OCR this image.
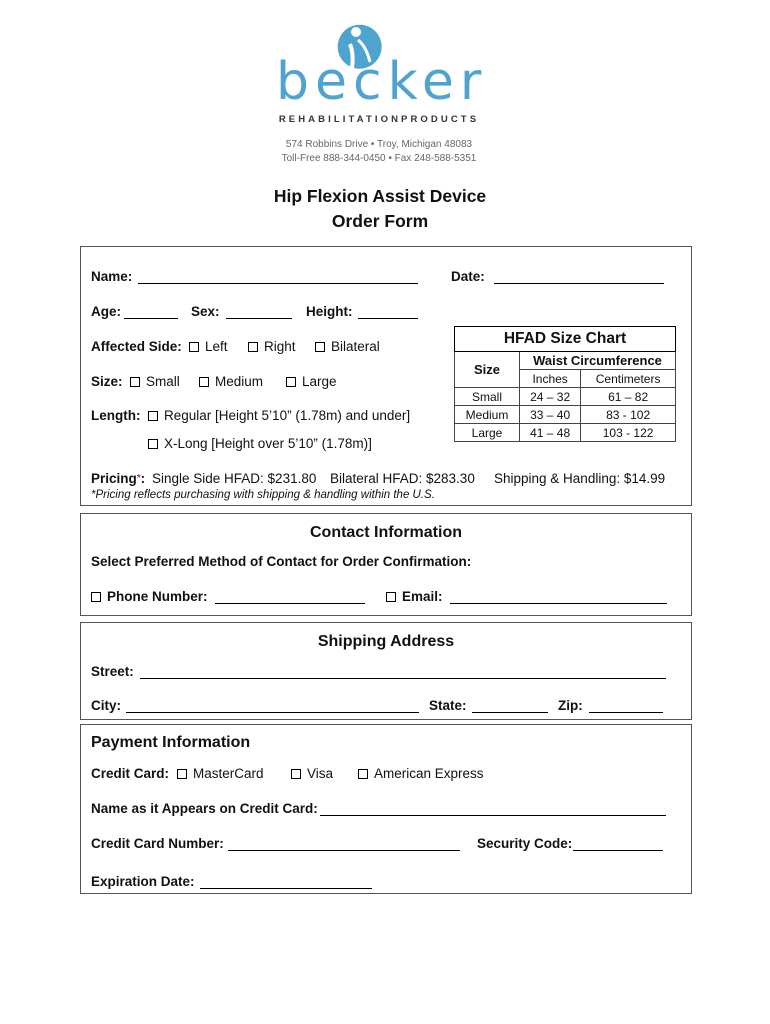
becker
REHABILITATIONPRODUCTS
574 Robbins Drive • Troy, Michigan 48083
Toll-Free 888-344-0450 • Fax 248-588-5351
Hip Flexion Assist Device
Order Form
Name:	Date:
Age:	Sex:	Height:
Affected Side:	Left	Right	Bilateral
Size:	Small	Medium	Large
Length:	Regular [Height 5’10” (1.78m) and under]
X-Long [Height over 5’10” (1.78m)]
HFAD Size Chart		
Size	Waist Circumference	
	Inches	Centimeters
Small	24 – 32	61 – 82
Medium	33 – 40	83 - 102
Large	41 – 48	103 - 122
Pricing*: Single Side HFAD: $231.80 Bilateral HFAD: $283.30 Shipping & Handling: $14.99
*Pricing reflects purchasing with shipping & handling within the U.S.
Contact Information
Select Preferred Method of Contact for Order Confirmation:
Phone Number:	Email:
Shipping Address
Street:
City:	State:	Zip:
Payment Information
Credit Card:	MasterCard	Visa	American Express
Name as it Appears on Credit Card:
Credit Card Number:	Security Code:
Expiration Date:
